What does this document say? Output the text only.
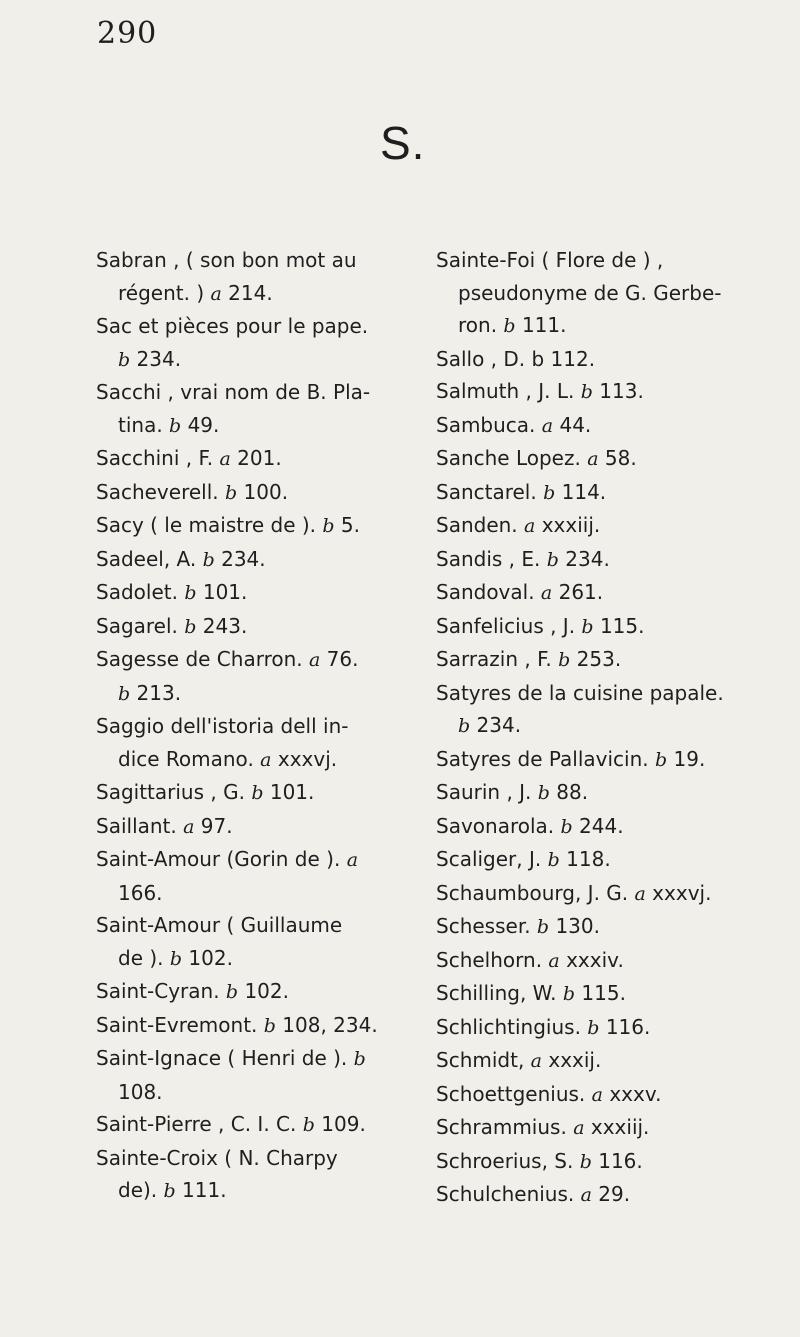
290
S.
Sabran , ( son bon mot au
régent. ) a 214.
Sac et pièces pour le pape.
b 234.
Sacchi , vrai nom de B. Pla-
tina. b 49.
Sacchini , F. a 201.
Sacheverell. b 100.
Sacy ( le maistre de ). b 5.
Sadeel, A. b 234.
Sadolet. b 101.
Sagarel. b 243.
Sagesse de Charron. a 76.
b 213.
Saggio dell'istoria dell in-
dice Romano. a xxxvj.
Sagittarius , G. b 101.
Saillant. a 97.
Saint-Amour (Gorin de ). a
166.
Saint-Amour ( Guillaume
de ). b 102.
Saint-Cyran. b 102.
Saint-Evremont. b 108, 234.
Saint-Ignace ( Henri de ). b
108.
Saint-Pierre , C. I. C. b 109.
Sainte-Croix ( N. Charpy
de). b 111.
Sainte-Foi ( Flore de ) ,
pseudonyme de G. Gerbe-
ron. b 111.
Sallo , D. b 112.
Salmuth , J. L. b 113.
Sambuca. a 44.
Sanche Lopez. a 58.
Sanctarel. b 114.
Sanden. a xxxiij.
Sandis , E. b 234.
Sandoval. a 261.
Sanfelicius , J. b 115.
Sarrazin , F. b 253.
Satyres de la cuisine papale.
b 234.
Satyres de Pallavicin. b 19.
Saurin , J. b 88.
Savonarola. b 244.
Scaliger, J. b 118.
Schaumbourg, J. G. a xxxvj.
Schesser. b 130.
Schelhorn. a xxxiv.
Schilling, W. b 115.
Schlichtingius. b 116.
Schmidt, a xxxij.
Schoettgenius. a xxxv.
Schrammius. a xxxiij.
Schroerius, S. b 116.
Schulchenius. a 29.
